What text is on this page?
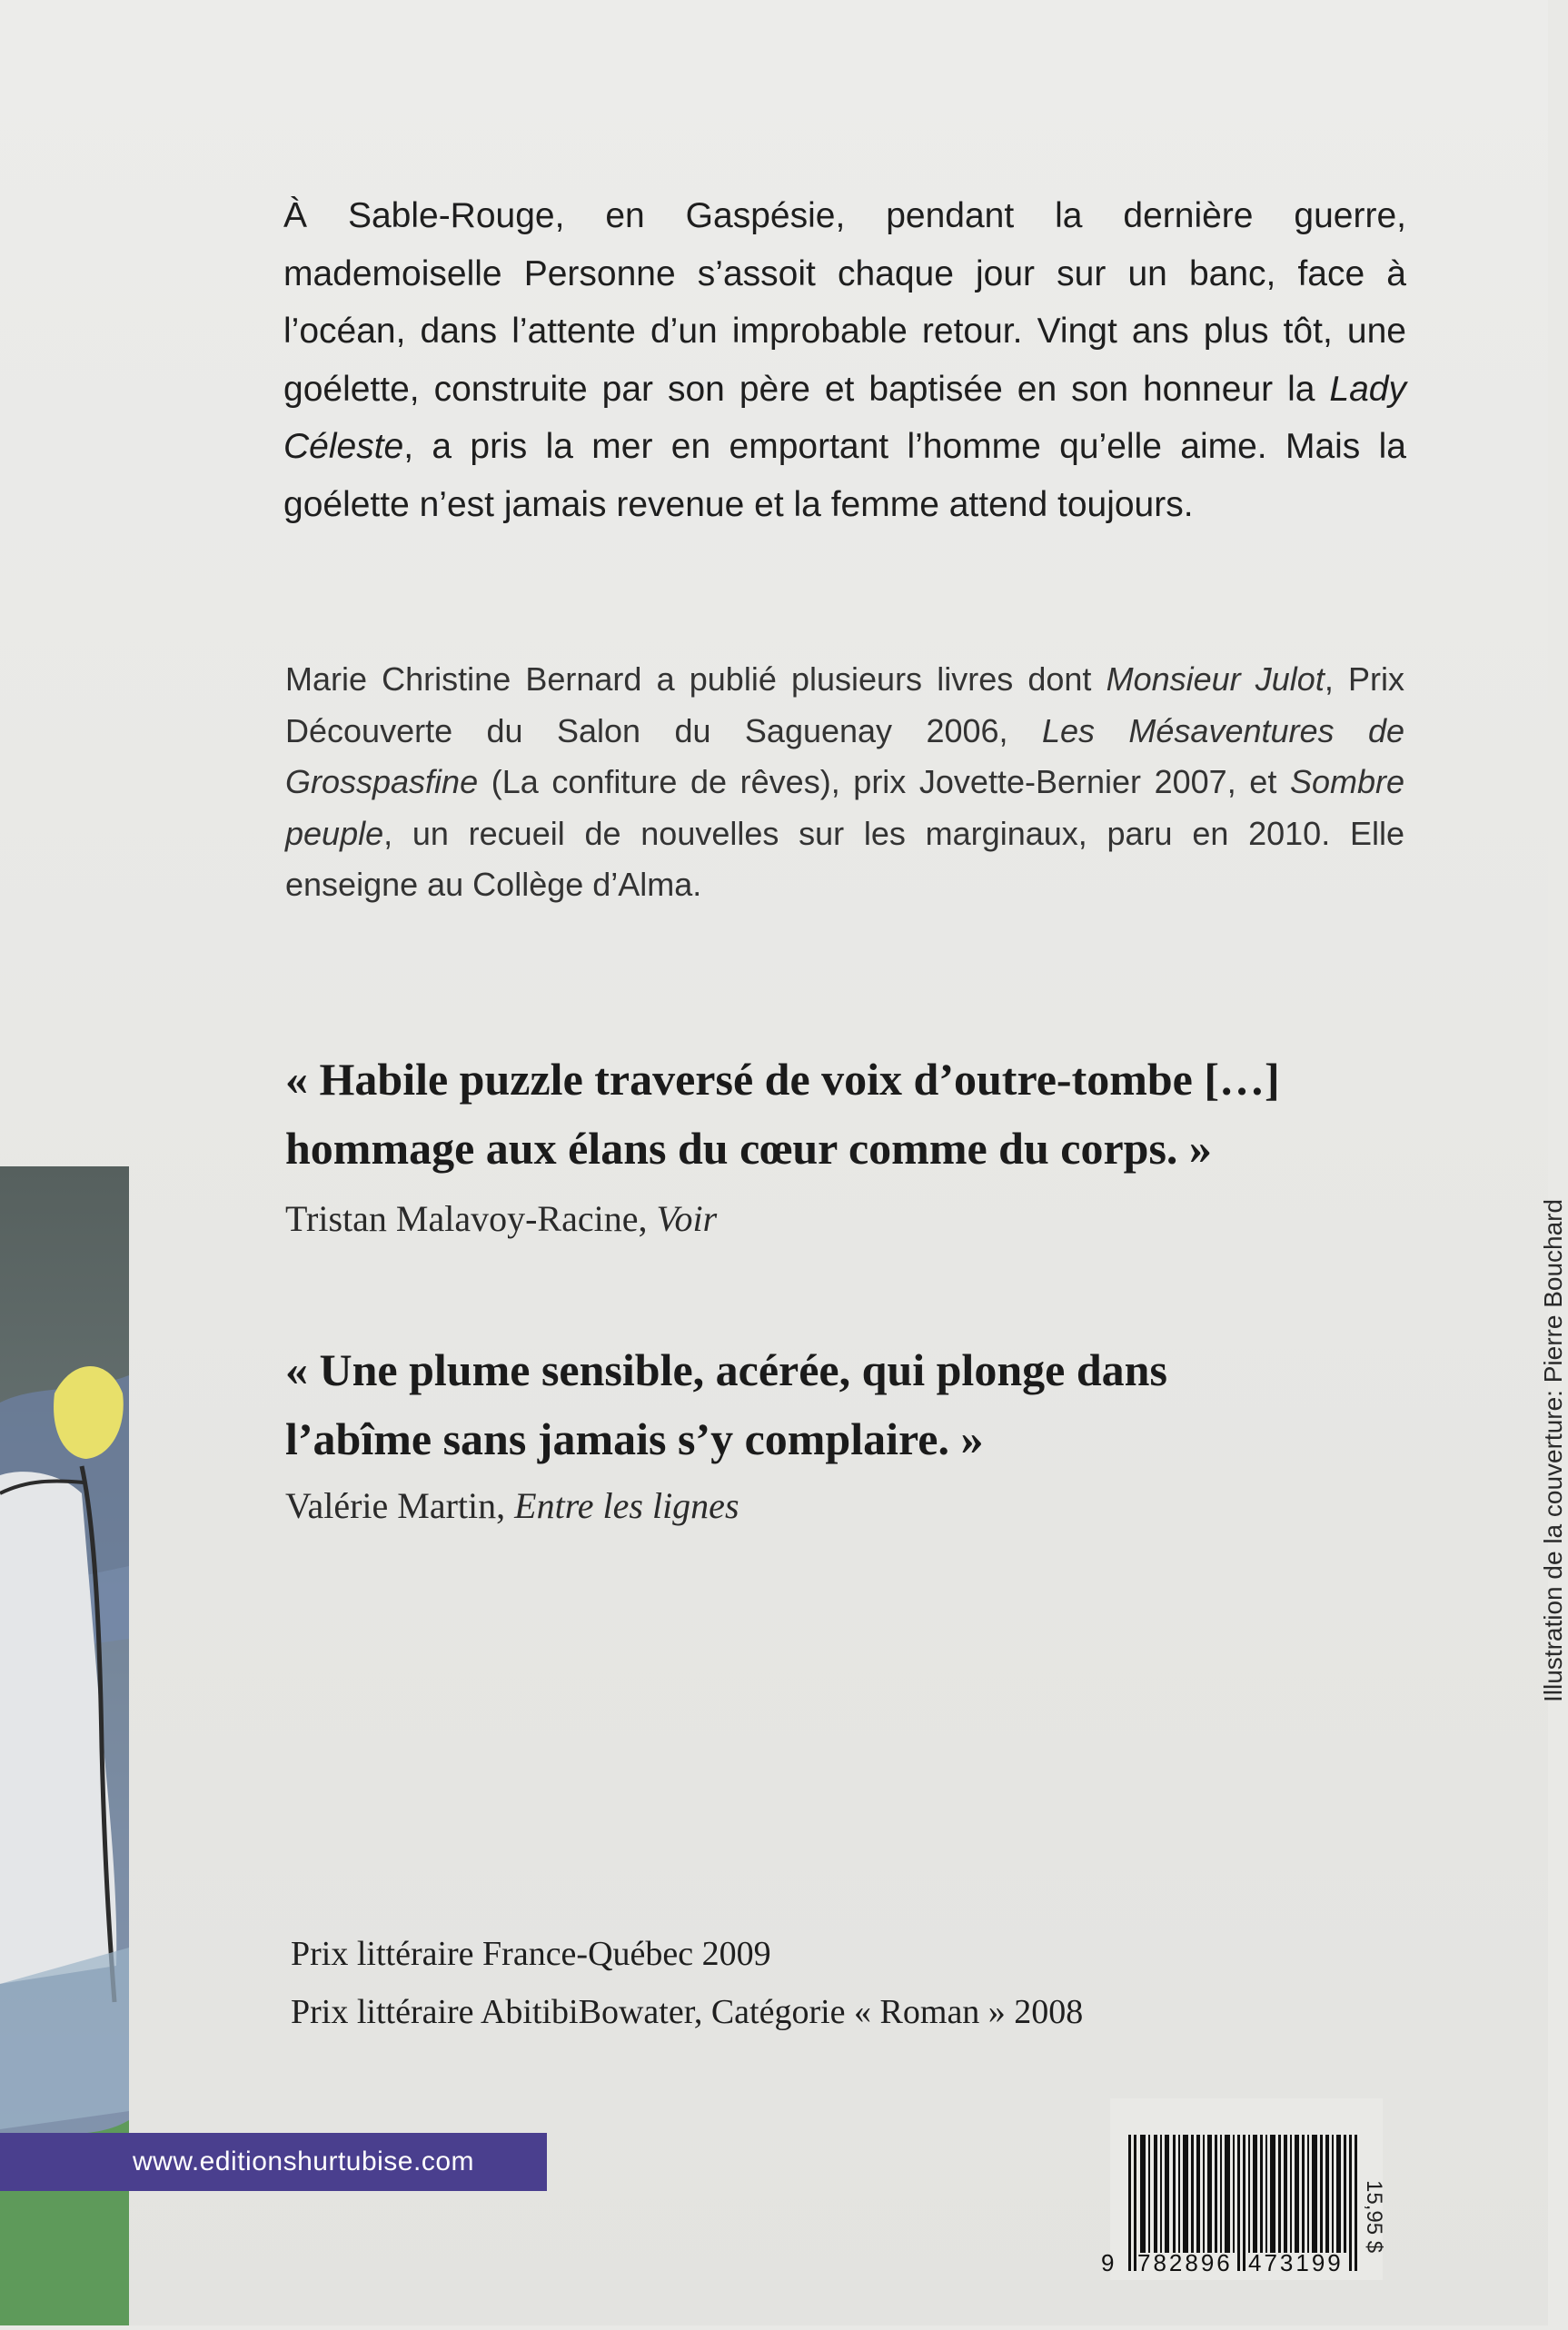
À Sable-Rouge, en Gaspésie, pendant la dernière guerre, mademoiselle Personne s’assoit chaque jour sur un banc, face à l’océan, dans l’attente d’un improbable retour. Vingt ans plus tôt, une goélette, construite par son père et baptisée en son honneur la Lady Céleste, a pris la mer en emportant l’homme qu’elle aime. Mais la goélette n’est jamais revenue et la femme attend toujours.

Marie Christine Bernard a publié plusieurs livres dont Monsieur Julot, Prix Découverte du Salon du Saguenay 2006, Les Mésaventures de Grosspasfine (La confiture de rêves), prix Jovette-Bernier 2007, et Sombre peuple, un recueil de nouvelles sur les marginaux, paru en 2010. Elle enseigne au Collège d’Alma.

« Habile puzzle traversé de voix d’outre-tombe […]
hommage aux élans du cœur comme du corps. »
Tristan Malavoy-Racine, Voir
« Une plume sensible, acérée, qui plonge dans
l’abîme sans jamais s’y complaire. »
Valérie Martin, Entre les lignes
Prix littéraire France-Québec 2009
Prix littéraire AbitibiBowater, Catégorie « Roman » 2008
www.editionshurtubise.com
9 782896 473199
15,95 $
Illustration de la couverture: Pierre Bouchard
